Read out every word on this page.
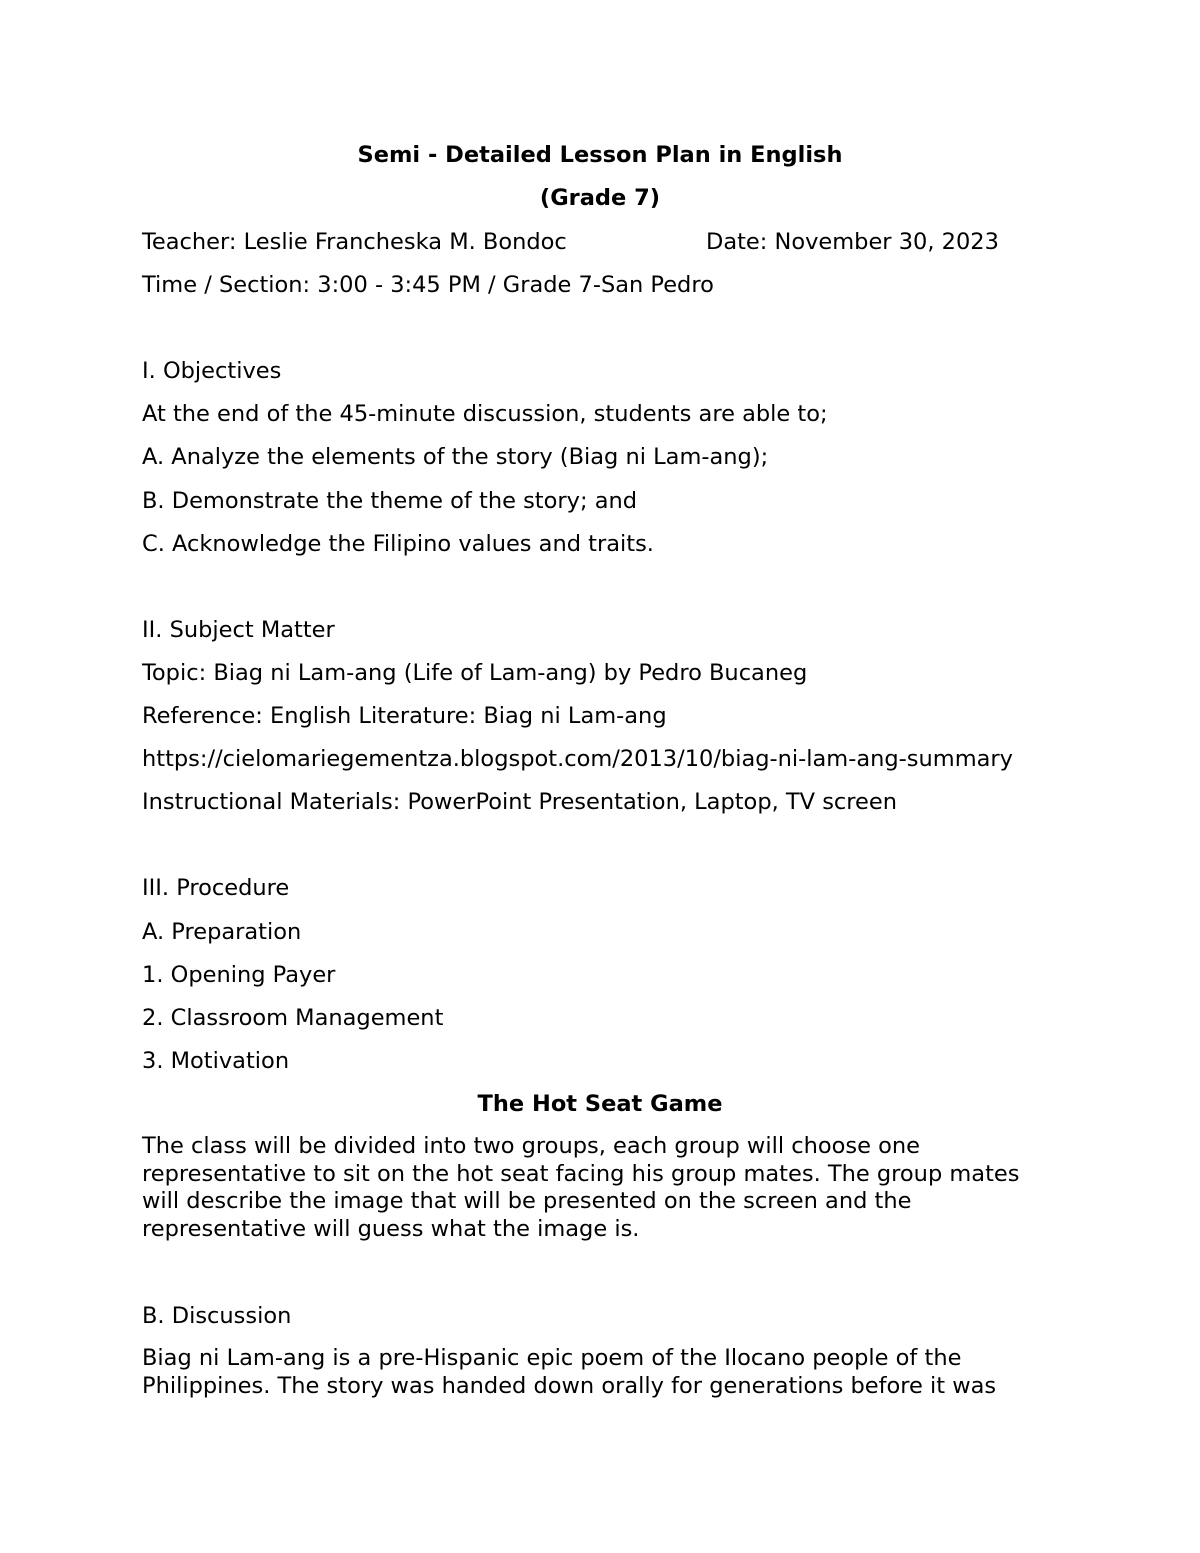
Semi - Detailed Lesson Plan in English
(Grade 7)
Teacher: Leslie Francheska M. Bondoc	Date: November 30, 2023
Time / Section: 3:00 - 3:45 PM / Grade 7-San Pedro
I. Objectives
At the end of the 45-minute discussion, students are able to;
A. Analyze the elements of the story (Biag ni Lam-ang);
B. Demonstrate the theme of the story; and
C. Acknowledge the Filipino values and traits.
II. Subject Matter
Topic: Biag ni Lam-ang (Life of Lam-ang) by Pedro Bucaneg
Reference: English Literature: Biag ni Lam-ang
https://cielomariegementza.blogspot.com/2013/10/biag-ni-lam-ang-summary
Instructional Materials: PowerPoint Presentation, Laptop, TV screen
III. Procedure
A. Preparation
1. Opening Payer
2. Classroom Management
3. Motivation
The Hot Seat Game
The class will be divided into two groups, each group will choose one representative to sit on the hot seat facing his group mates. The group mates will describe the image that will be presented on the screen and the representative will guess what the image is.
B. Discussion
Biag ni Lam-ang is a pre-Hispanic epic poem of the Ilocano people of the Philippines. The story was handed down orally for generations before it was
